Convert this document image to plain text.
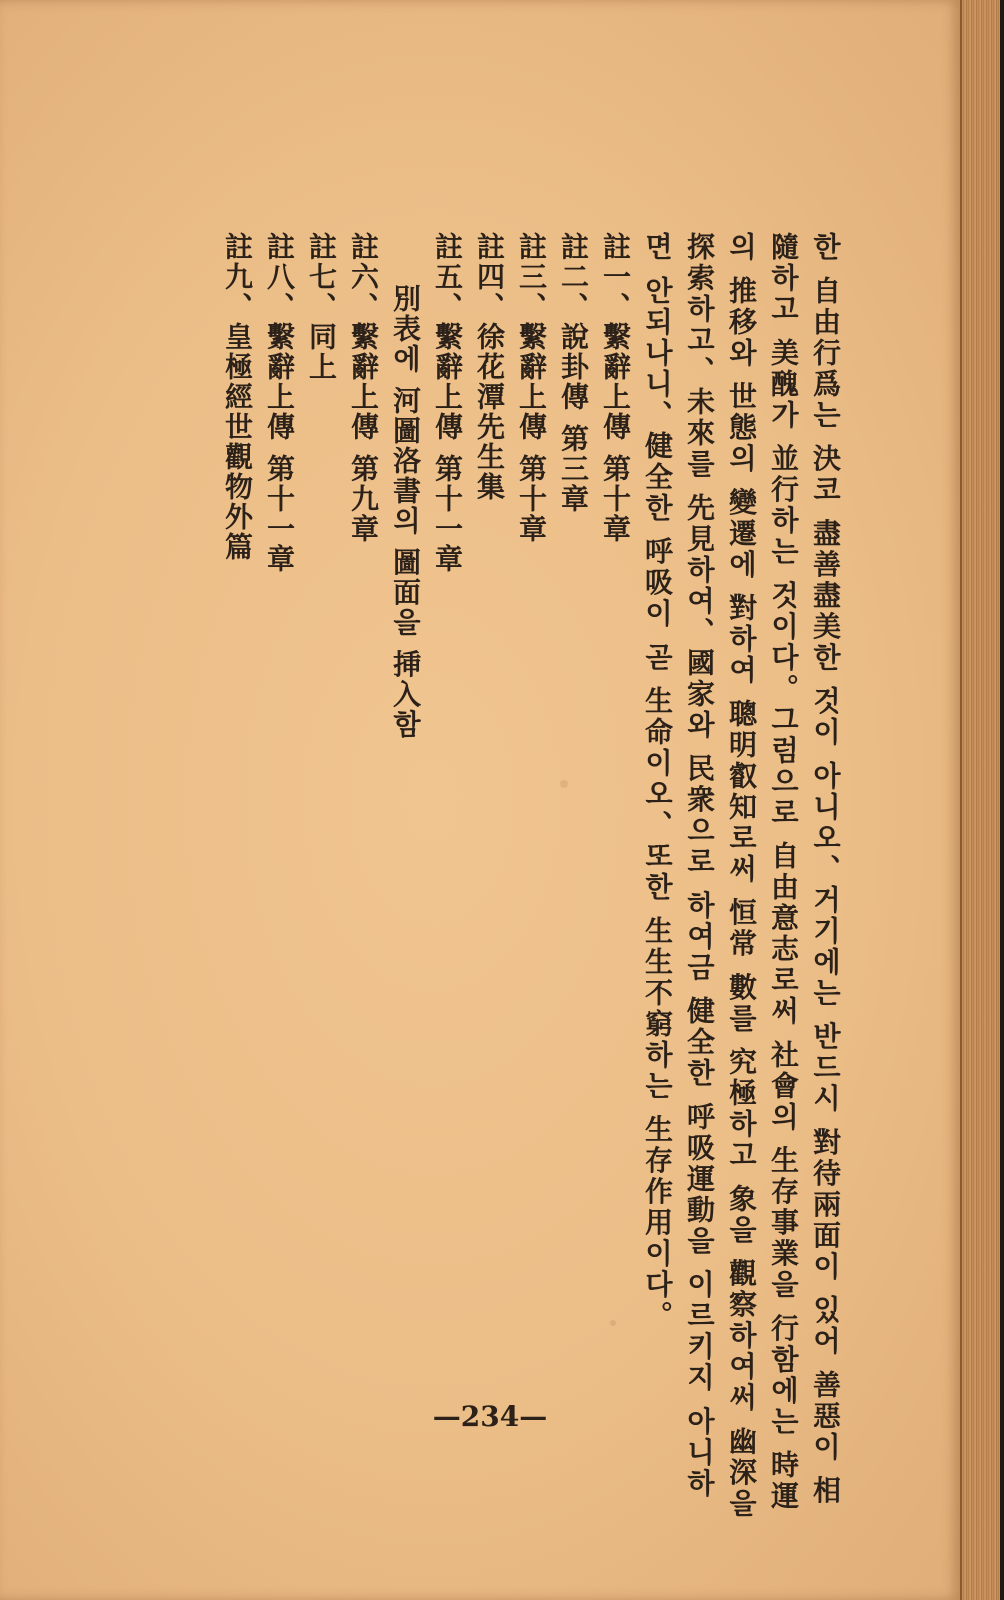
한 自由行爲는 決코 盡善盡美한 것이 아니오、거기에는 반드시 對待兩面이 있어 善惡이 相
隨하고 美醜가 並行하는 것이다。그럼으로 自由意志로써 社會의 生存事業을 行함에는 時運
의 推移와 世態의 變遷에 對하여 聰明叡知로써 恒常 數를 究極하고 象을 觀察하여써 幽深을
探索하고、未來를 先見하여、國家와 民衆으로 하여금 健全한 呼吸運動을 이르키지 아니하
면 안되나니、健全한 呼吸이 곧 生命이오、또한 生生不窮하는 生存作用이다。
註一、繫辭上傳 第十章
註二、說卦傳 第三章
註三、繫辭上傳 第十章
註四、徐花潭先生集
註五、繫辭上傳 第十一章
別表에 河圖洛書의 圖面을 挿入함
註六、繫辭上傳 第九章
註七、同上
註八、繫辭上傳 第十一章
註九、皇極經世觀物外篇
—234—
